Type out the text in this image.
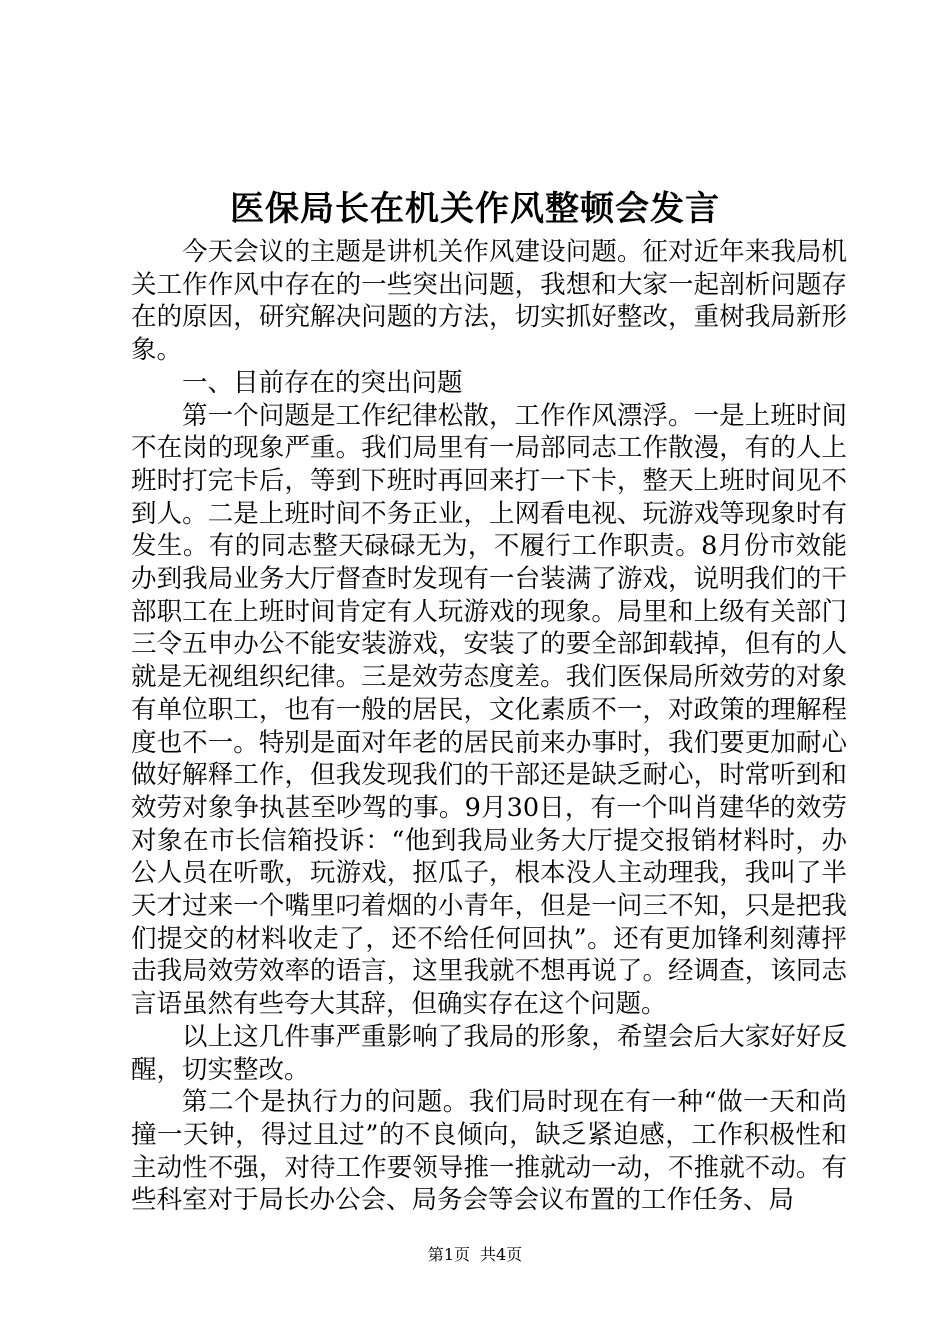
医保局长在机关作风整顿会发言

今天会议的主题是讲机关作风建设问题。征对近年来我局机关工作作风中存在的一些突出问题，我想和大家一起剖析问题存在的原因，研究解决问题的方法，切实抓好整改，重树我局新形象。

一、目前存在的突出问题

第一个问题是工作纪律松散，工作作风漂浮。一是上班时间不在岗的现象严重。我们局里有一局部同志工作散漫，有的人上班时打完卡后，等到下班时再回来打一下卡，整天上班时间见不到人。二是上班时间不务正业，上网看电视、玩游戏等现象时有发生。有的同志整天碌碌无为，不履行工作职责。8月份市效能办到我局业务大厅督查时发现有一台装满了游戏，说明我们的干部职工在上班时间肯定有人玩游戏的现象。局里和上级有关部门三令五申办公不能安装游戏，安装了的要全部卸载掉，但有的人就是无视组织纪律。三是效劳态度差。我们医保局所效劳的对象有单位职工，也有一般的居民，文化素质不一，对政策的理解程度也不一。特别是面对年老的居民前来办事时，我们要更加耐心做好解释工作，但我发现我们的干部还是缺乏耐心，时常听到和效劳对象争执甚至吵驾的事。9月30日，有一个叫肖建华的效劳对象在市长信箱投诉：“他到我局业务大厅提交报销材料时，办公人员在听歌，玩游戏，抠瓜子，根本没人主动理我，我叫了半天才过来一个嘴里叼着烟的小青年，但是一问三不知，只是把我们提交的材料收走了，还不给任何回执”。还有更加锋利刻薄抨击我局效劳效率的语言，这里我就不想再说了。经调查，该同志言语虽然有些夸大其辞，但确实存在这个问题。

以上这几件事严重影响了我局的形象，希望会后大家好好反醒，切实整改。

第二个是执行力的问题。我们局时现在有一种“做一天和尚撞一天钟，得过且过”的不良倾向，缺乏紧迫感，工作积极性和主动性不强，对待工作要领导推一推就动一动，不推就不动。有些科室对于局长办公会、局务会等会议布置的工作任务、局

第1页 共4页
